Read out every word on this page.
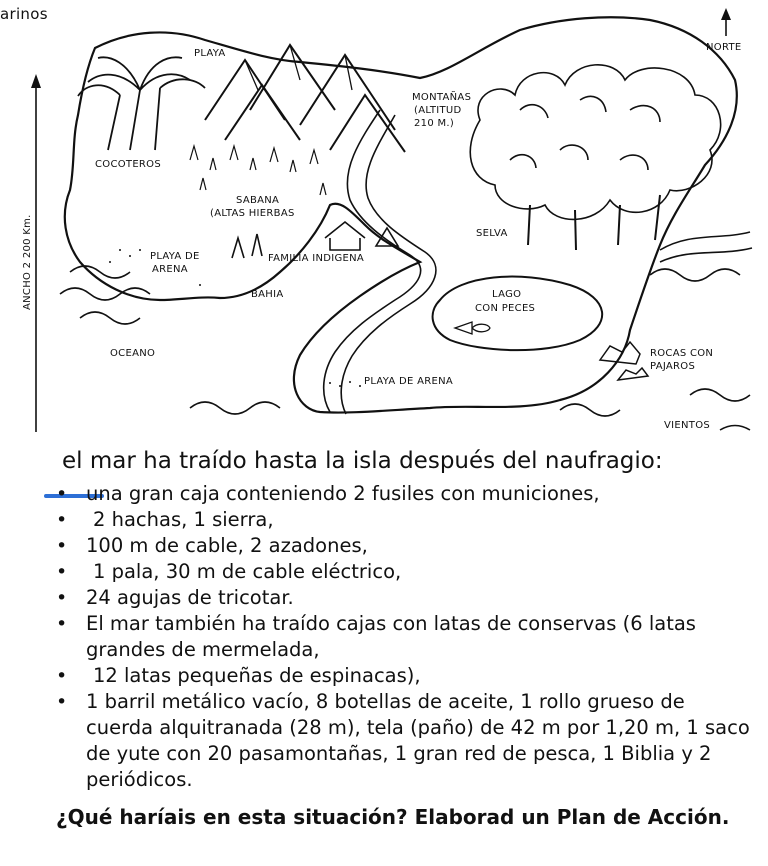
arinos
PLAYA
NORTE
MONTAÑAS
(ALTITUD
210 M.)
COCOTEROS
SABANA
(ALTAS HIERBAS
SELVA
PLAYA DE
ARENA
FAMILIA INDIGENA
BAHIA	LAGO
CON PECES
OCEANO	ROCAS CON
PAJAROS
PLAYA DE ARENA
VIENTOS
ANCHO 2 200 Km.

el mar ha traído hasta la isla después del naufragio:

• una gran caja conteniendo 2 fusiles con municiones,
• 2 hachas, 1 sierra,
• 100 m de cable, 2 azadones,
• 1 pala, 30 m de cable eléctrico,
• 24 agujas de tricotar.
• El mar también ha traído cajas con latas de conservas (6 latas grandes de mermelada,
• 12 latas pequeñas de espinacas),
• 1 barril metálico vacío, 8 botellas de aceite, 1 rollo grueso de cuerda alquitranada (28 m), tela (paño) de 42 m por 1,20 m, 1 saco de yute con 20 pasamontañas, 1 gran red de pesca, 1 Biblia y 2 periódicos.

¿Qué haríais en esta situación? Elaborad un Plan de Acción.
